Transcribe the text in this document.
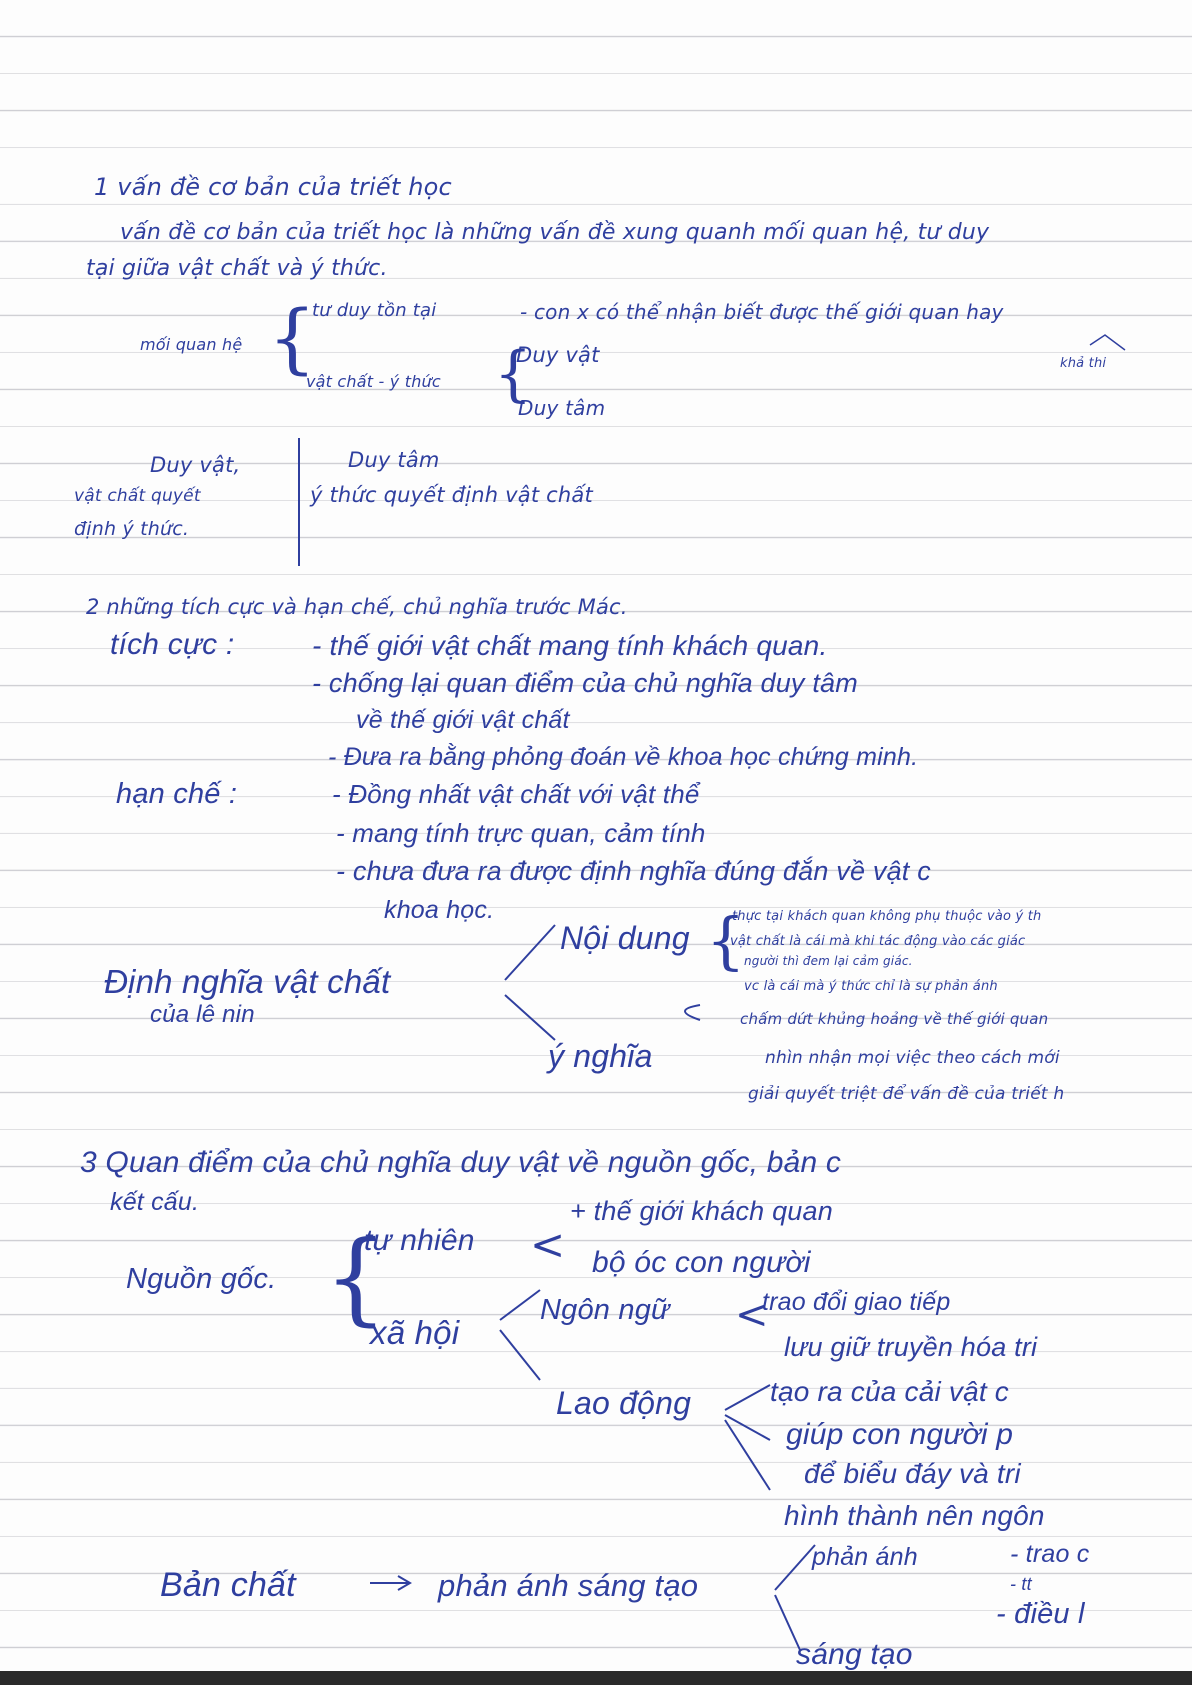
1 vấn đề cơ bản của triết học
vấn đề cơ bản của triết học là những vấn đề xung quanh mối quan hệ, tư duy
tại giữa vật chất và ý thức.
mối quan hệ {
tư duy tồn tại	- con x có thể nhận biết được thế giới quan hay
khả thi
vật chất - ý thức {
Duy vật
Duy tâm
Duy vật,
vật chất quyết
định ý thức.
Duy tâm
ý thức quyết định vật chất
2 những tích cực và hạn chế, chủ nghĩa trước Mác.
tích cực :	- thế giới vật chất mang tính khách quan.
- chống lại quan điểm của chủ nghĩa duy tâm
về thế giới vật chất
- Đưa ra bằng phỏng đoán về khoa học chứng minh.
hạn chế :	- Đồng nhất vật chất với vật thể
- mang tính trực quan, cảm tính
- chưa đưa ra được định nghĩa đúng đắn về vật c
khoa học.
Định nghĩa vật chất
của lê nin
Nội dung {
thực tại khách quan không phụ thuộc vào ý th
vật chất là cái mà khi tác động vào các giác
người thì đem lại cảm giác.
vc là cái mà ý thức chỉ là sự phản ánh
chấm dứt khủng hoảng về thế giới quan
ý nghĩa	nhìn nhận mọi việc theo cách mới
giải quyết triệt để vấn đề của triết h
3 Quan điểm của chủ nghĩa duy vật về nguồn gốc, bản c
kết cấu.
Nguồn gốc. {
tự nhiên <
+ thế giới khách quan
bộ óc con người
xã hội
Ngôn ngữ <
trao đổi giao tiếp
lưu giữ truyền hóa tri
Lao động	tạo ra của cải vật c
giúp con người p
để biểu đáy và tri
hình thành nên ngôn
phản ánh	- trao c
- tt
- điều l
Bản chất	phản ánh sáng tạo
sáng tạo
